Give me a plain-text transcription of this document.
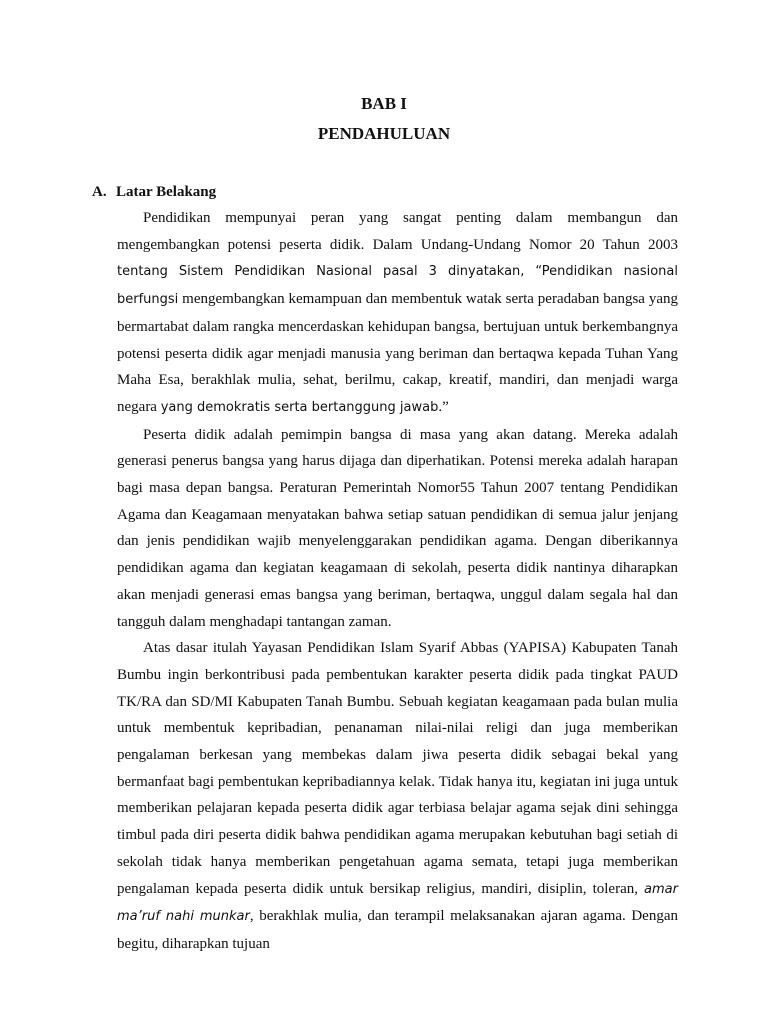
BAB I
PENDAHULUAN
A. Latar Belakang

Pendidikan mempunyai peran yang sangat penting dalam membangun dan mengembangkan potensi peserta didik. Dalam Undang-Undang Nomor 20 Tahun 2003 tentang Sistem Pendidikan Nasional pasal 3 dinyatakan, “Pendidikan nasional berfungsi mengembangkan kemampuan dan membentuk watak serta peradaban bangsa yang bermartabat dalam rangka mencerdaskan kehidupan bangsa, bertujuan untuk berkembangnya potensi peserta didik agar menjadi manusia yang beriman dan bertaqwa kepada Tuhan Yang Maha Esa, berakhlak mulia, sehat, berilmu, cakap, kreatif, mandiri, dan menjadi warga negara yang demokratis serta bertanggung jawab.”

Peserta didik adalah pemimpin bangsa di masa yang akan datang. Mereka adalah generasi penerus bangsa yang harus dijaga dan diperhatikan. Potensi mereka adalah harapan bagi masa depan bangsa. Peraturan Pemerintah Nomor55 Tahun 2007 tentang Pendidikan Agama dan Keagamaan menyatakan bahwa setiap satuan pendidikan di semua jalur jenjang dan jenis pendidikan wajib menyelenggarakan pendidikan agama. Dengan diberikannya pendidikan agama dan kegiatan keagamaan di sekolah, peserta didik nantinya diharapkan akan menjadi generasi emas bangsa yang beriman, bertaqwa, unggul dalam segala hal dan tangguh dalam menghadapi tantangan zaman.

Atas dasar itulah Yayasan Pendidikan Islam Syarif Abbas (YAPISA) Kabupaten Tanah Bumbu ingin berkontribusi pada pembentukan karakter peserta didik pada tingkat PAUD TK/RA dan SD/MI Kabupaten Tanah Bumbu. Sebuah kegiatan keagamaan pada bulan mulia untuk membentuk kepribadian, penanaman nilai-nilai religi dan juga memberikan pengalaman berkesan yang membekas dalam jiwa peserta didik sebagai bekal yang bermanfaat bagi pembentukan kepribadiannya kelak. Tidak hanya itu, kegiatan ini juga untuk memberikan pelajaran kepada peserta didik agar terbiasa belajar agama sejak dini sehingga timbul pada diri peserta didik bahwa pendidikan agama merupakan kebutuhan bagi setiah di sekolah tidak hanya memberikan pengetahuan agama semata, tetapi juga memberikan pengalaman kepada peserta didik untuk bersikap religius, mandiri, disiplin, toleran, amar ma’ruf nahi munkar, berakhlak mulia, dan terampil melaksanakan ajaran agama. Dengan begitu, diharapkan tujuan
